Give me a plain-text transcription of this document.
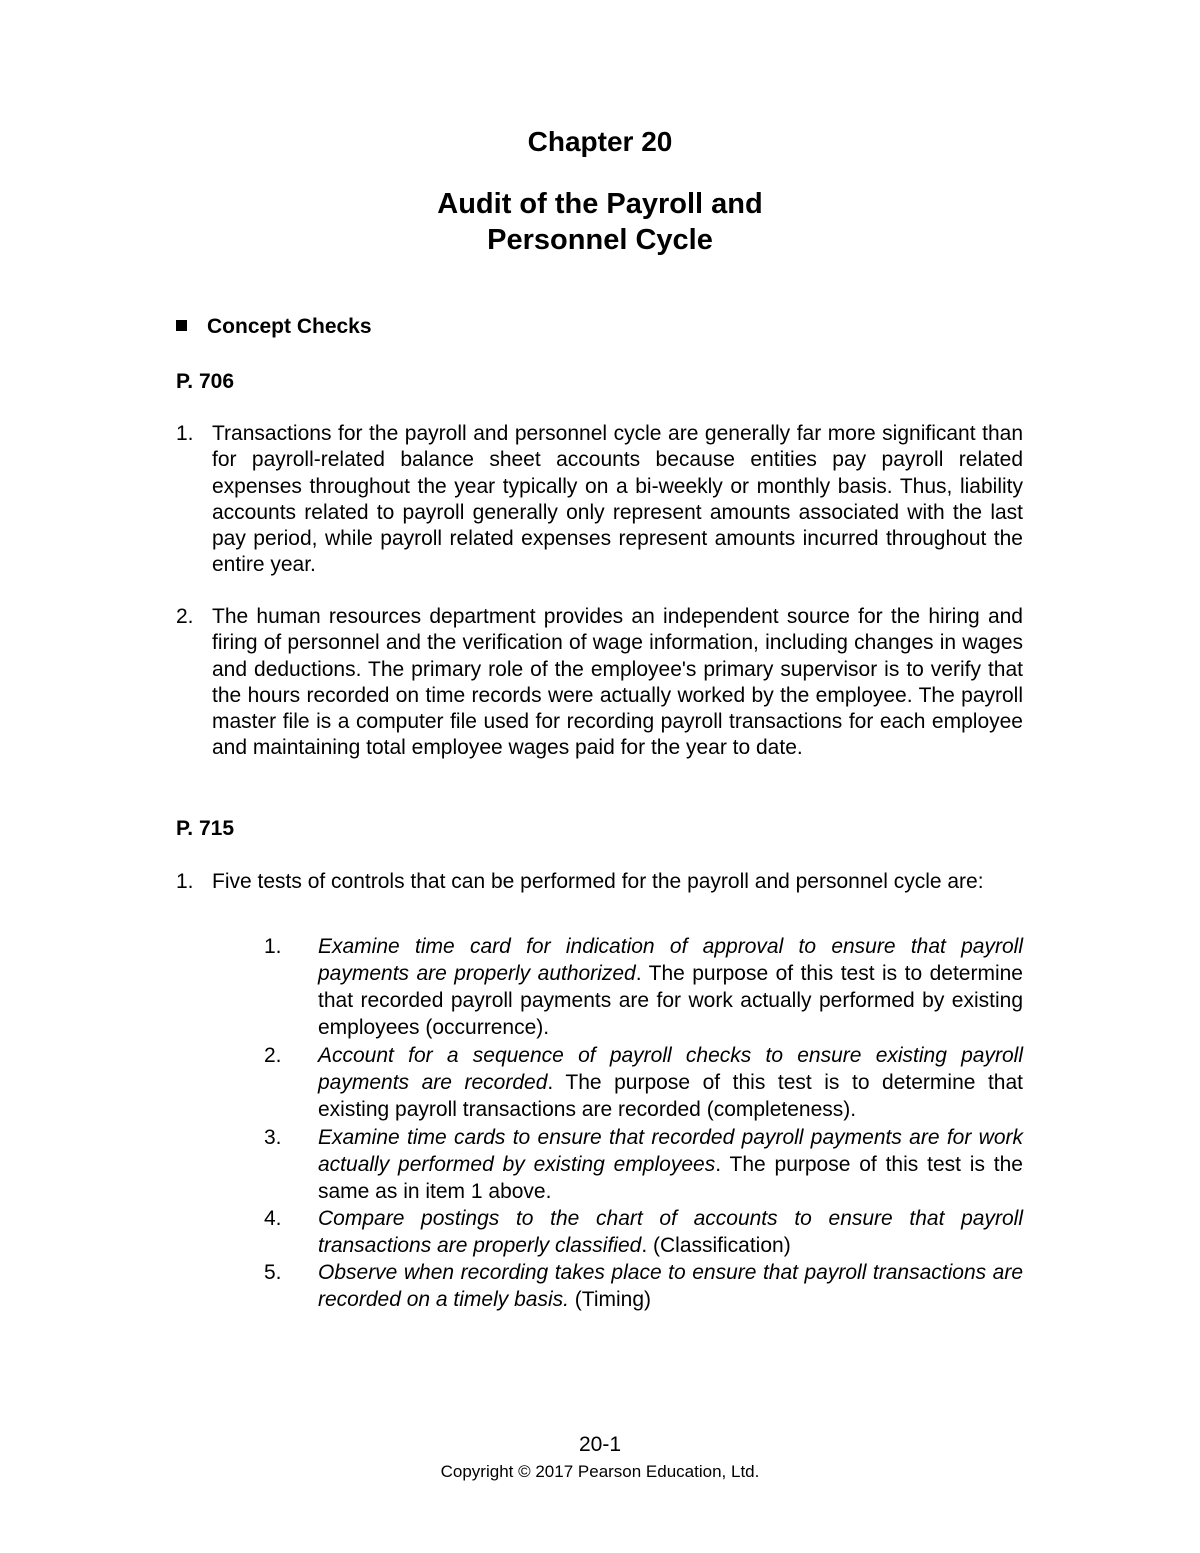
Chapter 20
Audit of the Payroll and
Personnel Cycle
Concept Checks
P. 706
1. Transactions for the payroll and personnel cycle are generally far more significant than for payroll-related balance sheet accounts because entities pay payroll related expenses throughout the year typically on a bi-weekly or monthly basis. Thus, liability accounts related to payroll generally only represent amounts associated with the last pay period, while payroll related expenses represent amounts incurred throughout the entire year.
2. The human resources department provides an independent source for the hiring and firing of personnel and the verification of wage information, including changes in wages and deductions. The primary role of the employee's primary supervisor is to verify that the hours recorded on time records were actually worked by the employee. The payroll master file is a computer file used for recording payroll transactions for each employee and maintaining total employee wages paid for the year to date.
P. 715
1. Five tests of controls that can be performed for the payroll and personnel cycle are:
1. Examine time card for indication of approval to ensure that payroll payments are properly authorized. The purpose of this test is to determine that recorded payroll payments are for work actually performed by existing employees (occurrence).
2. Account for a sequence of payroll checks to ensure existing payroll payments are recorded. The purpose of this test is to determine that existing payroll transactions are recorded (completeness).
3. Examine time cards to ensure that recorded payroll payments are for work actually performed by existing employees. The purpose of this test is the same as in item 1 above.
4. Compare postings to the chart of accounts to ensure that payroll transactions are properly classified. (Classification)
5. Observe when recording takes place to ensure that payroll transactions are recorded on a timely basis. (Timing)
20-1
Copyright © 2017 Pearson Education, Ltd.
